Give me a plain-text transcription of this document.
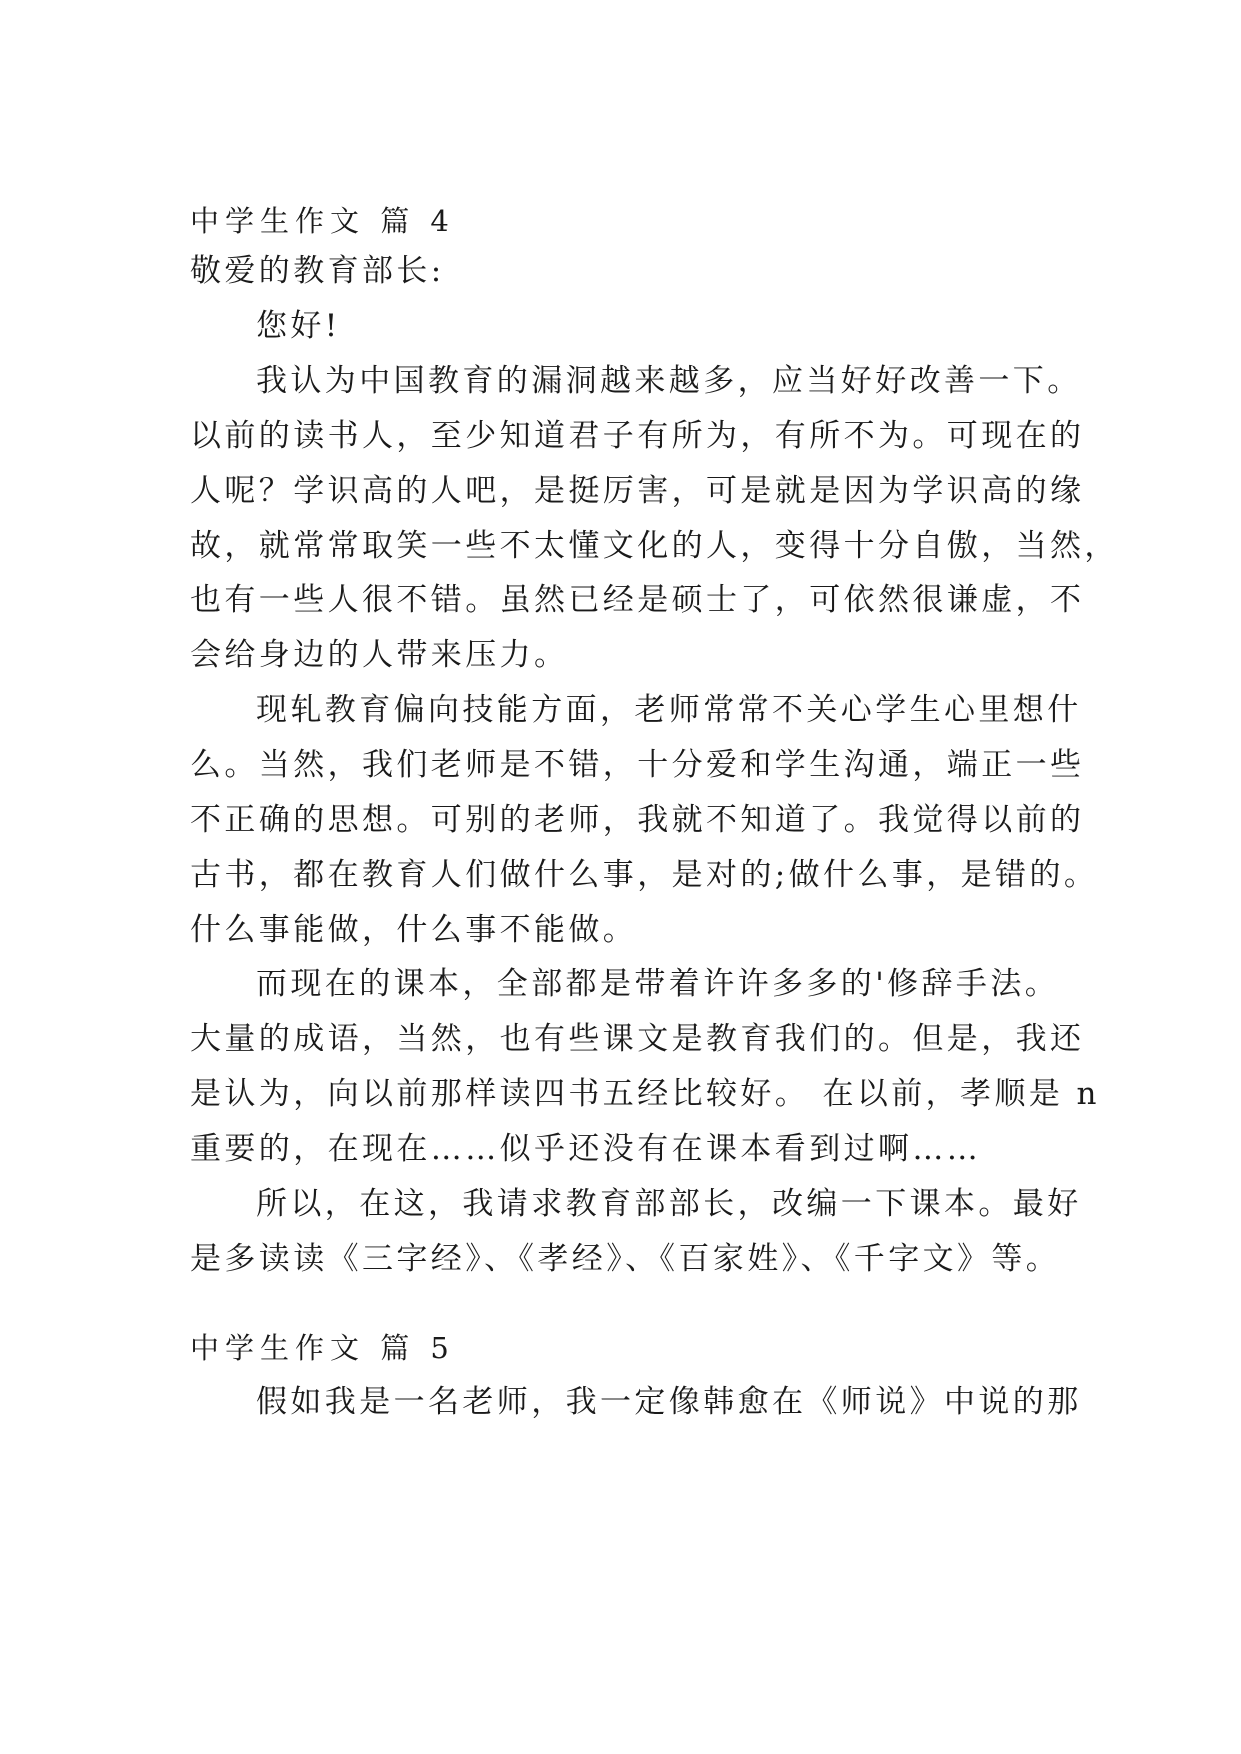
中学生作文 篇 4
敬爱的教育部长:
您好!
我认为中国教育的漏洞越来越多，应当好好改善一下。
以前的读书人，至少知道君子有所为，有所不为。可现在的
人呢？学识高的人吧，是挺厉害，可是就是因为学识高的缘
故，就常常取笑一些不太懂文化的人，变得十分自傲，当然，
也有一些人很不错。虽然已经是硕士了，可依然很谦虚，不
会给身边的人带来压力。
现轧教育偏向技能方面，老师常常不关心学生心里想什
么。当然，我们老师是不错，十分爱和学生沟通，端正一些
不正确的思想。可别的老师，我就不知道了。我觉得以前的
古书，都在教育人们做什么事，是对的;做什么事，是错的。
什么事能做，什么事不能做。
而现在的课本，全部都是带着许许多多的'修辞手法。
大量的成语，当然，也有些课文是教育我们的。但是，我还
是认为，向以前那样读四书五经比较好。 在以前，孝顺是 n
重要的，在现在……似乎还没有在课本看到过啊……
所以，在这，我请求教育部部长，改编一下课本。最好
是多读读《三字经》、《孝经》、《百家姓》、《千字文》等。
中学生作文 篇 5
假如我是一名老师，我一定像韩愈在《师说》中说的那
